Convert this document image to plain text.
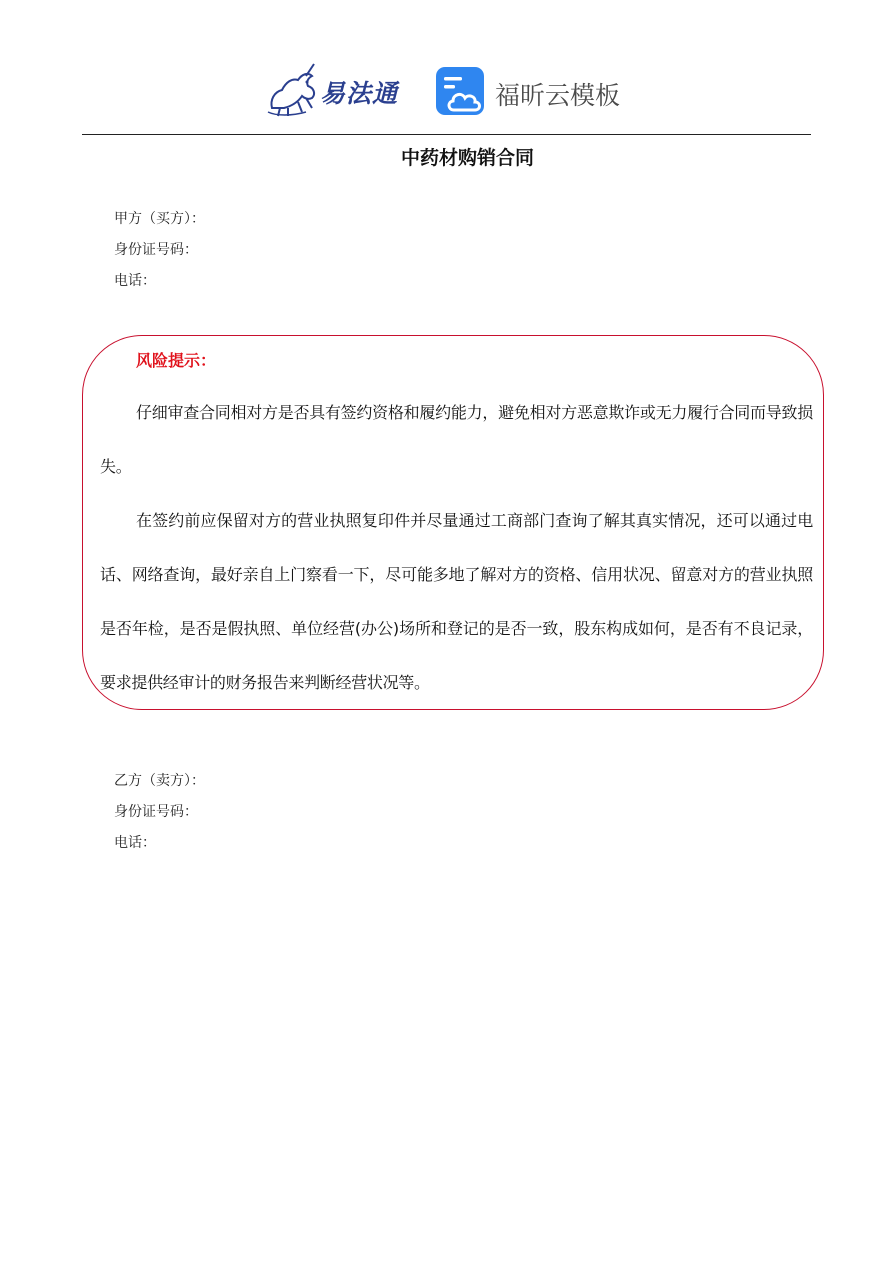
易法通	福昕云模板
中药材购销合同
甲方（买方）：
身份证号码：
电话：
风险提示：
仔细审查合同相对方是否具有签约资格和履约能力，避免相对方恶意欺诈或无力履行合同而导致损失。
在签约前应保留对方的营业执照复印件并尽量通过工商部门查询了解其真实情况，还可以通过电话、网络查询，最好亲自上门察看一下，尽可能多地了解对方的资格、信用状况、留意对方的营业执照是否年检，是否是假执照、单位经营(办公)场所和登记的是否一致，股东构成如何，是否有不良记录，要求提供经审计的财务报告来判断经营状况等。
乙方（卖方）：
身份证号码：
电话：
